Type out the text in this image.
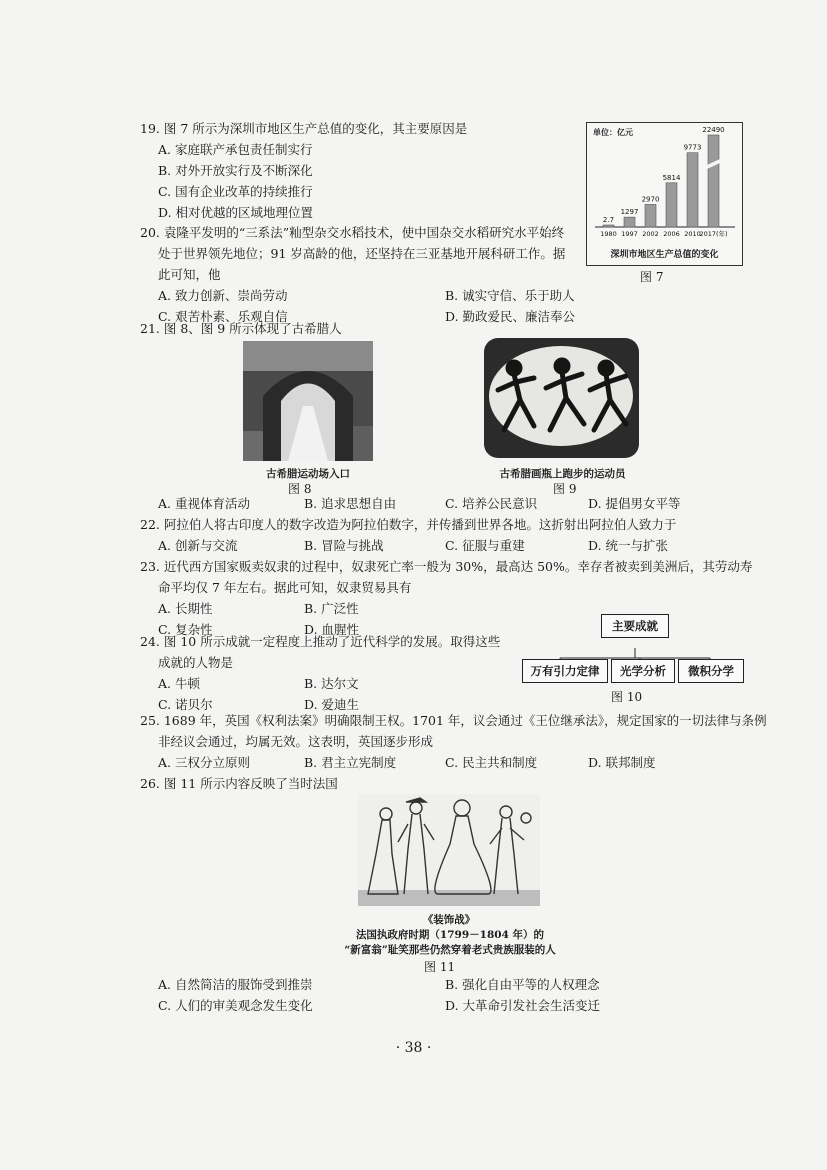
19. 图 7 所示为深圳市地区生产总值的变化，其主要原因是
A. 家庭联产承包责任制实行
B. 对外开放实行及不断深化
C. 国有企业改革的持续推行
D. 相对优越的区域地理位置
单位：亿元
2.7
1980
1297
1997
2970
2002
5814
2006
9773
2010
22490
2017(年)
深圳市地区生产总值的变化
图 7
20. 袁隆平发明的“三系法”籼型杂交水稻技术，使中国杂交水稻研究水平始终
处于世界领先地位；91 岁高龄的他，还坚持在三亚基地开展科研工作。据
此可知，他
A. 致力创新、崇尚劳动	B. 诚实守信、乐于助人
C. 艰苦朴素、乐观自信	D. 勤政爱民、廉洁奉公
21. 图 8、图 9 所示体现了古希腊人
古希腊运动场入口
图 8
古希腊画瓶上跑步的运动员
图 9
A. 重视体育活动	B. 追求思想自由	C. 培养公民意识	D. 提倡男女平等
22. 阿拉伯人将古印度人的数字改造为阿拉伯数字，并传播到世界各地。这折射出阿拉伯人致力于
A. 创新与交流	B. 冒险与挑战	C. 征服与重建	D. 统一与扩张
23. 近代西方国家贩卖奴隶的过程中，奴隶死亡率一般为 30%，最高达 50%。幸存者被卖到美洲后，其劳动寿
命平均仅 7 年左右。据此可知，奴隶贸易具有
A. 长期性	B. 广泛性
C. 复杂性	D. 血腥性
24. 图 10 所示成就一定程度上推动了近代科学的发展。取得这些
成就的人物是
A. 牛顿	B. 达尔文
C. 诺贝尔	D. 爱迪生
主要成就
万有引力定律	光学分析	微积分学
图 10
25. 1689 年，英国《权利法案》明确限制王权。1701 年，议会通过《王位继承法》，规定国家的一切法律与条例
非经议会通过，均属无效。这表明，英国逐步形成
A. 三权分立原则	B. 君主立宪制度	C. 民主共和制度	D. 联邦制度
26. 图 11 所示内容反映了当时法国
《装饰战》
法国执政府时期（1799－1804 年）的
“新富翁”耻笑那些仍然穿着老式贵族服装的人
图 11
A. 自然简洁的服饰受到推崇	B. 强化自由平等的人权理念
C. 人们的审美观念发生变化	D. 大革命引发社会生活变迁
· 38 ·
